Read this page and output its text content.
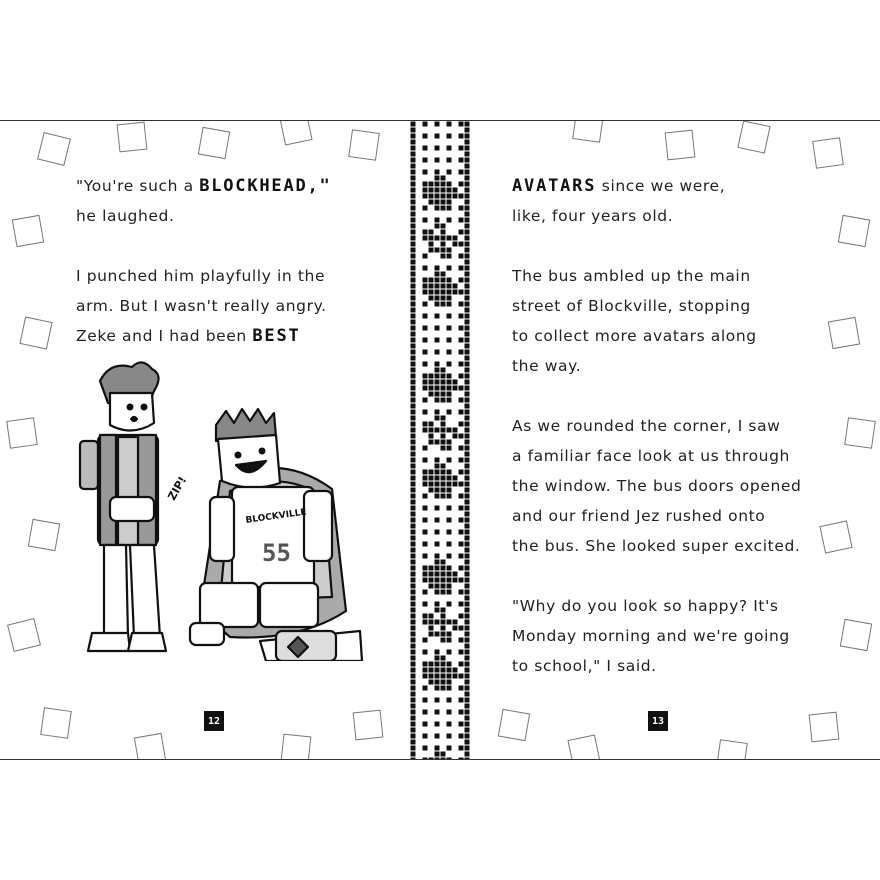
"You're such a BLOCKHEAD,"
he laughed.
I punched him playfully in the
arm. But I wasn't really angry.
Zeke and I had been BEST
ZIP!
BLOCKVILLE
55
12
AVATARS since we were,
like, four years old.
The bus ambled up the main
street of Blockville, stopping
to collect more avatars along
the way.
As we rounded the corner, I saw
a familiar face look at us through
the window. The bus doors opened
and our friend Jez rushed onto
the bus. She looked super excited.
"Why do you look so happy? It's
Monday morning and we're going
to school," I said.
13
